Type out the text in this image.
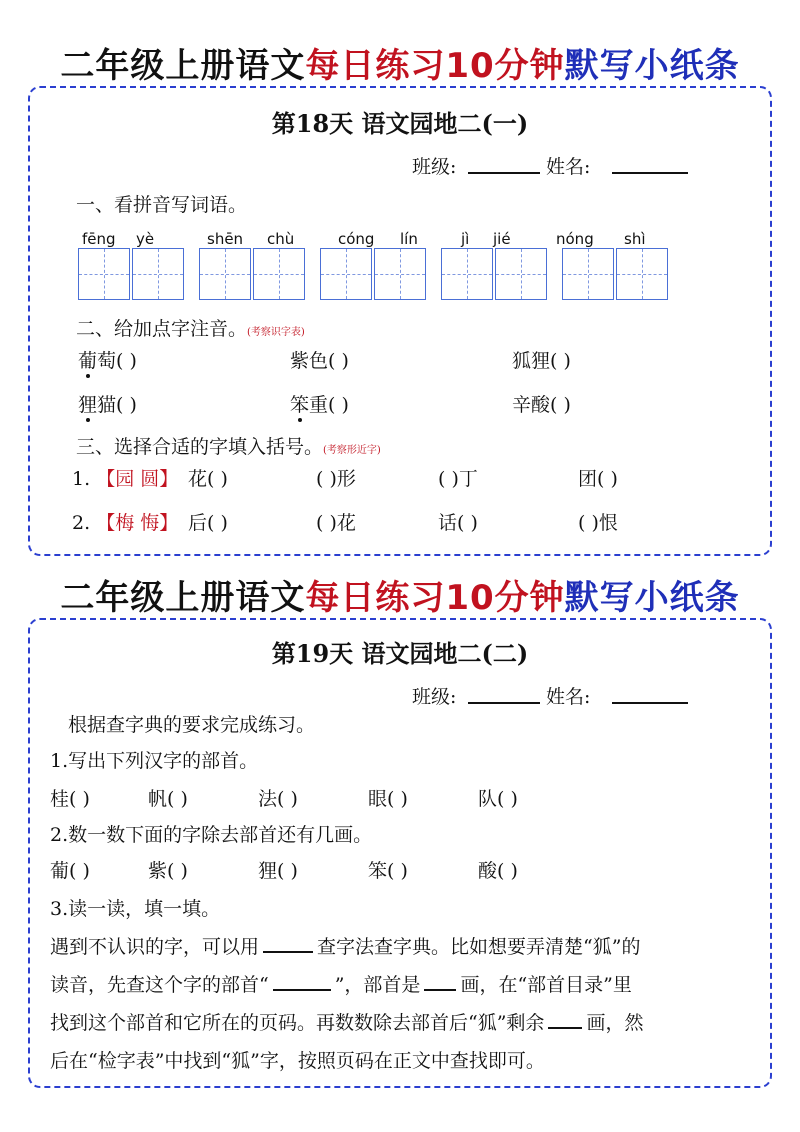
二年级上册语文每日练习10分钟默写小纸条
第18天 语文园地二(一)
班级:	姓名:
一、看拼音写词语。
fēng yè	shēn chù	cóng lín	jì jié	nóng shì
二、给加点字注音。(考察识字表)
葡萄( )	紫色( )	狐狸( )
狸猫( )	笨重( )	辛酸( )
三、选择合适的字填入括号。(考察形近字)
1. 【园 圆】 花( )	( )形	( )丁	团( )
2. 【梅 悔】 后( )	( )花	话( )	( )恨
二年级上册语文每日练习10分钟默写小纸条
第19天 语文园地二(二)
班级:	姓名:
根据查字典的要求完成练习。
1.写出下列汉字的部首。
桂( )	帆( )	法( )	眼( )	队( )
2.数一数下面的字除去部首还有几画。
葡( )	紫( )	狸( )	笨( )	酸( )
3.读一读，填一填。
遇到不认识的字，可以用	查字法查字典。比如想要弄清楚“狐”的
读音，先查这个字的部首“	”，部首是 画，在“部首目录”里
找到这个部首和它所在的页码。再数数除去部首后“狐”剩余 画，然
后在“检字表”中找到“狐”字，按照页码在正文中查找即可。
